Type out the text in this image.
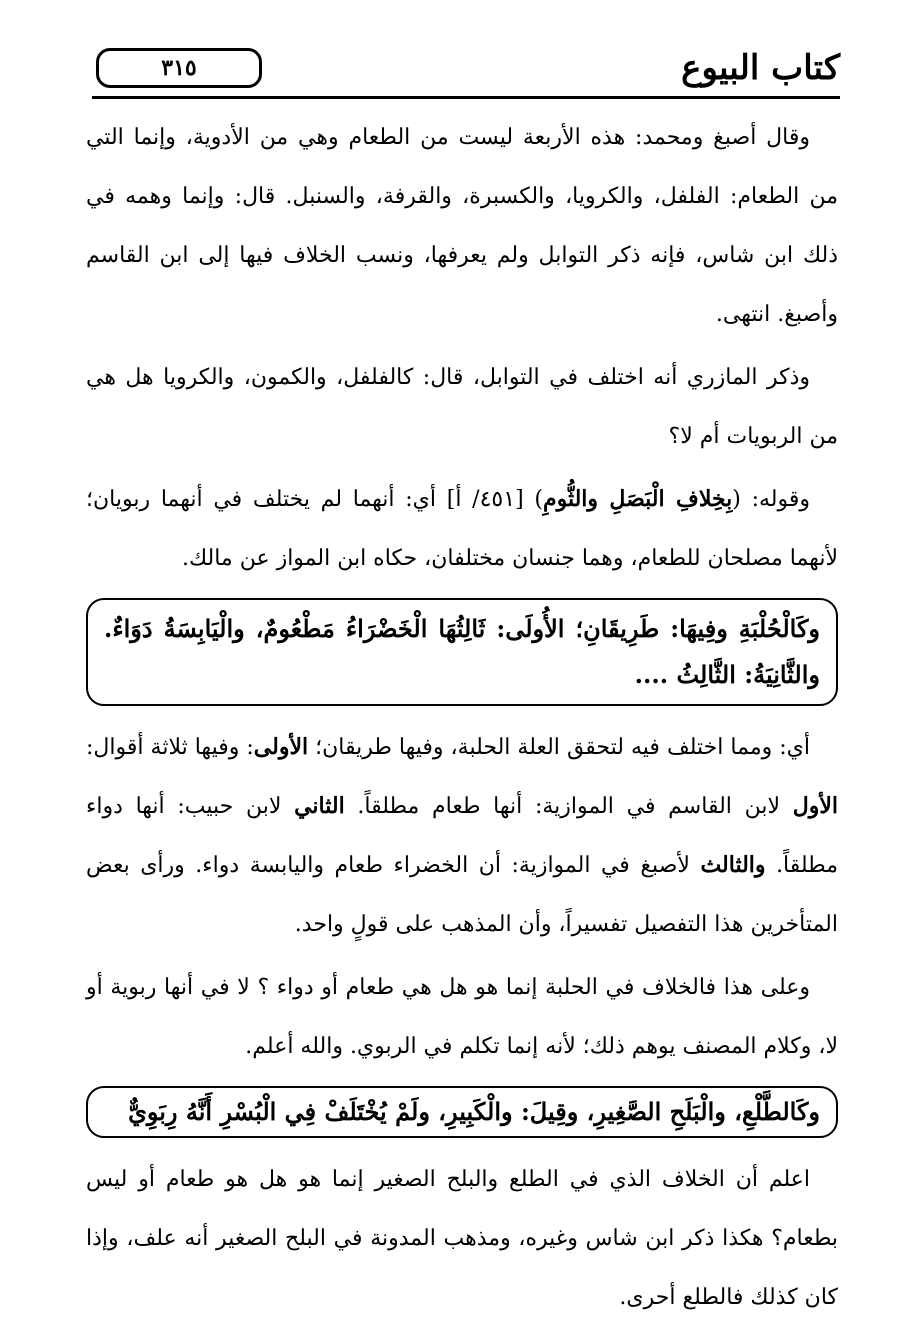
كتاب البيوع
٣١٥

وقال أصبغ ومحمد: هذه الأربعة ليست من الطعام وهي من الأدوية، وإنما التي من الطعام: الفلفل، والكرويا، والكسبرة، والقرفة، والسنبل. قال: وإنما وهمه في ذلك ابن شاس، فإنه ذكر التوابل ولم يعرفها، ونسب الخلاف فيها إلى ابن القاسم وأصبغ. انتهى.

وذكر المازري أنه اختلف في التوابل، قال: كالفلفل، والكمون، والكرويا هل هي من الربويات أم لا؟

وقوله: (بِخِلافِ الْبَصَلِ والثُّومِ) [٤٥١/ أ] أي: أنهما لم يختلف في أنهما ربويان؛ لأنهما مصلحان للطعام، وهما جنسان مختلفان، حكاه ابن المواز عن مالك.

وكَالْحُلْبَةِ وفِيهَا: طَرِيقَانِ؛ الأُولَى: ثَالِثُهَا الْخَضْرَاءُ مَطْعُومٌ، والْيَابِسَةُ دَوَاءٌ. والثَّانِيَةُ: الثَّالِثُ ....

أي: ومما اختلف فيه لتحقق العلة الحلبة، وفيها طريقان؛ الأولى: وفيها ثلاثة أقوال: الأول لابن القاسم في الموازية: أنها طعام مطلقاً. الثاني لابن حبيب: أنها دواء مطلقاً. والثالث لأصبغ في الموازية: أن الخضراء طعام واليابسة دواء. ورأى بعض المتأخرين هذا التفصيل تفسيراً، وأن المذهب على قولٍ واحد.

وعلى هذا فالخلاف في الحلبة إنما هو هل هي طعام أو دواء ؟ لا في أنها ربوية أو لا، وكلام المصنف يوهم ذلك؛ لأنه إنما تكلم في الربوي. والله أعلم.

وكَالطَّلْعِ، والْبَلَحِ الصَّغِيرِ، وقِيلَ: والْكَبِيرِ، ولَمْ يُخْتَلَفْ فِي الْبُسْرِ أَنَّهُ رِبَوِيٌّ

اعلم أن الخلاف الذي في الطلع والبلح الصغير إنما هو هل هو طعام أو ليس بطعام؟ هكذا ذكر ابن شاس وغيره، ومذهب المدونة في البلح الصغير أنه علف، وإذا كان كذلك فالطلع أحرى.
